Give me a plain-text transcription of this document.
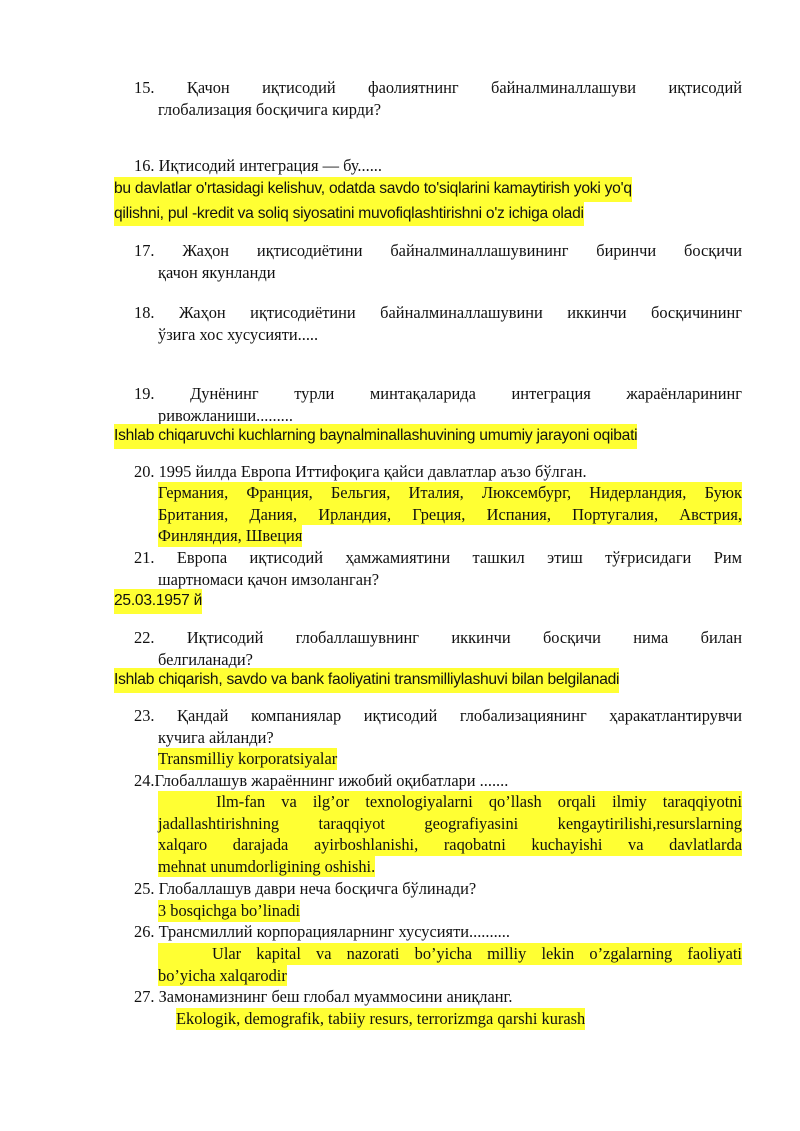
15. Қачон иқтисодий фаолиятнинг байналминаллашуви иқтисодий
глобализация босқичига кирди?
16. Иқтисодий интеграция — бу......
bu davlatlar o'rtasidagi kelishuv, odatda savdo to'siqlarini kamaytirish yoki yo'q
qilishni, pul -kredit va soliq siyosatini muvofiqlashtirishni o'z ichiga oladi
17. Жаҳон иқтисодиётини байналминаллашувининг биринчи босқичи
қачон якунланди
18. Жаҳон иқтисодиётини байналминаллашувини иккинчи босқичининг
ўзига хос хусусияти.....
19. Дунёнинг турли минтақаларида интеграция жараёнларининг
ривожланиши.........
Ishlab chiqaruvchi kuchlarning baynalminallashuvining umumiy jarayoni oqibati
20. 1995 йилда Европа Иттифоқига қайси давлатлар аъзо бўлган.
Германия, Франция, Бельгия, Италия, Люксембург, Нидерландия, Буюк
Британия, Дания, Ирландия, Греция, Испания, Португалия, Австрия,
Финляндия, Швеция
21. Европа иқтисодий ҳамжамиятини ташкил этиш тўғрисидаги Рим
шартномаси қачон имзоланган?
25.03.1957 й
22. Иқтисодий глобаллашувнинг иккинчи босқичи нима билан
белгиланади?
Ishlab chiqarish, savdo va bank faoliyatini transmilliylashuvi bilan belgilanadi
23. Қандай компаниялар иқтисодий глобализациянинг ҳаракатлантирувчи
кучига айланди?
Transmilliy korporatsiyalar
24.Глобаллашув жараённинг ижобий оқибатлари .......
Ilm-fan va ilg’or texnologiyalarni qo’llash orqali ilmiy taraqqiyotni
jadallashtirishning taraqqiyot geografiyasini kengaytirilishi,resurslarning
xalqaro darajada ayirboshlanishi, raqobatni kuchayishi va davlatlarda
mehnat unumdorligining oshishi.
25. Глобаллашув даври неча босқичга бўлинади?
3 bosqichga bo’linadi
26. Трансмиллий корпорацияларнинг хусусияти..........
Ular kapital va nazorati bo’yicha milliy lekin o’zgalarning faoliyati
bo’yicha xalqarodir
27. Замонамизнинг беш глобал муаммосини аниқланг.
Ekologik, demografik, tabiiy resurs, terrorizmga qarshi kurash
